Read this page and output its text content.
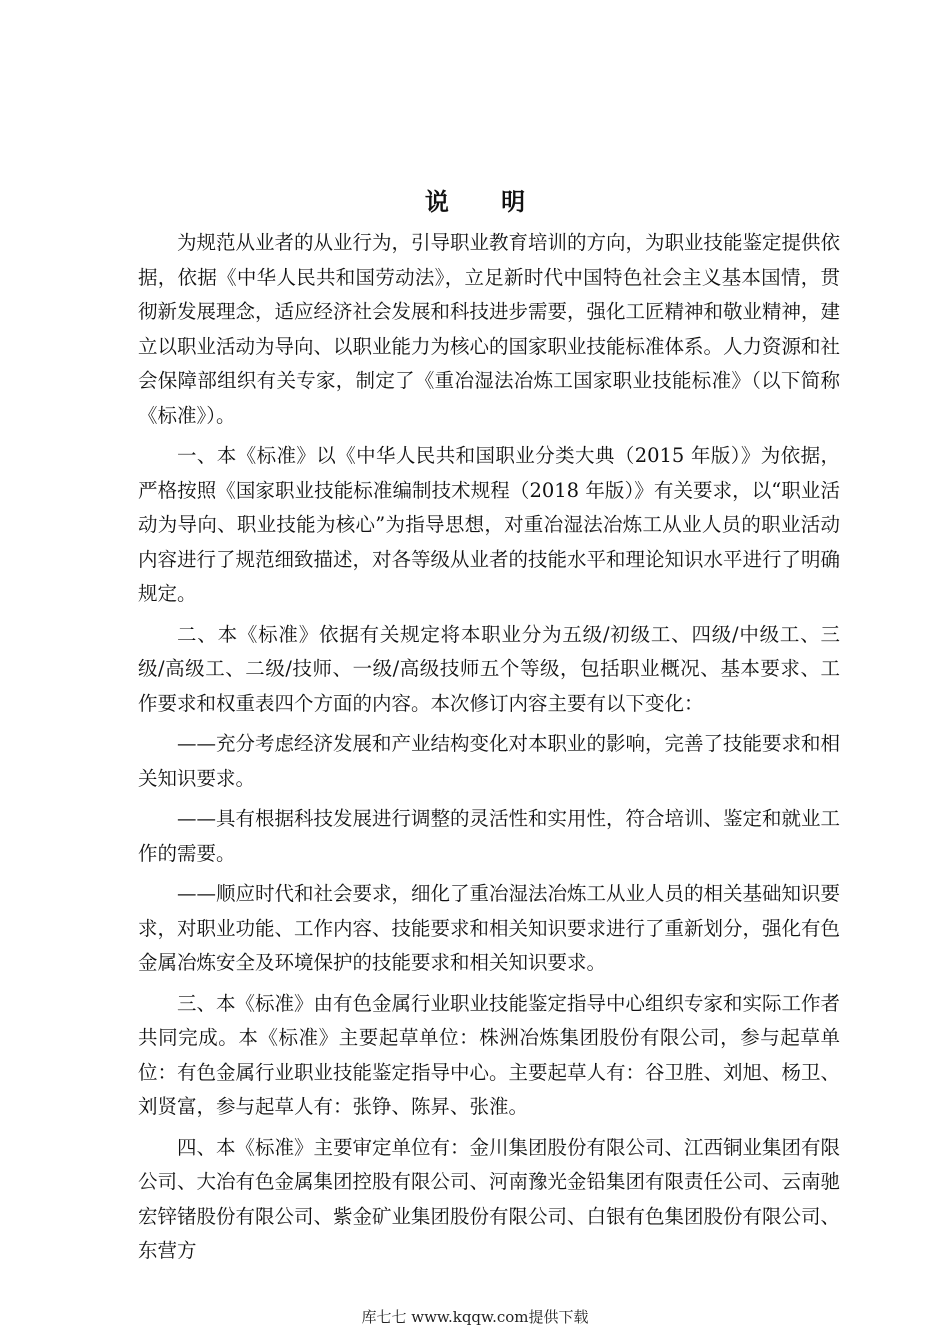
说 明

为规范从业者的从业行为，引导职业教育培训的方向，为职业技能鉴定提供依据，依据《中华人民共和国劳动法》，立足新时代中国特色社会主义基本国情，贯彻新发展理念，适应经济社会发展和科技进步需要，强化工匠精神和敬业精神，建立以职业活动为导向、以职业能力为核心的国家职业技能标准体系。人力资源和社会保障部组织有关专家，制定了《重冶湿法冶炼工国家职业技能标准》（以下简称《标准》）。

一、本《标准》以《中华人民共和国职业分类大典（2015 年版）》为依据，严格按照《国家职业技能标准编制技术规程（2018 年版）》有关要求，以“职业活动为导向、职业技能为核心”为指导思想，对重冶湿法冶炼工从业人员的职业活动内容进行了规范细致描述，对各等级从业者的技能水平和理论知识水平进行了明确规定。

二、本《标准》依据有关规定将本职业分为五级/初级工、四级/中级工、三级/高级工、二级/技师、一级/高级技师五个等级，包括职业概况、基本要求、工作要求和权重表四个方面的内容。本次修订内容主要有以下变化：

——充分考虑经济发展和产业结构变化对本职业的影响，完善了技能要求和相关知识要求。

——具有根据科技发展进行调整的灵活性和实用性，符合培训、鉴定和就业工作的需要。

——顺应时代和社会要求，细化了重冶湿法冶炼工从业人员的相关基础知识要求，对职业功能、工作内容、技能要求和相关知识要求进行了重新划分，强化有色金属冶炼安全及环境保护的技能要求和相关知识要求。

三、本《标准》由有色金属行业职业技能鉴定指导中心组织专家和实际工作者共同完成。本《标准》主要起草单位：株洲冶炼集团股份有限公司，参与起草单位：有色金属行业职业技能鉴定指导中心。主要起草人有：谷卫胜、刘旭、杨卫、刘贤富，参与起草人有：张铮、陈昇、张淮。

四、本《标准》主要审定单位有：金川集团股份有限公司、江西铜业集团有限公司、大冶有色金属集团控股有限公司、河南豫光金铅集团有限责任公司、云南驰宏锌锗股份有限公司、紫金矿业集团股份有限公司、白银有色集团股份有限公司、东营方

库七七 www.kqqw.com提供下载
